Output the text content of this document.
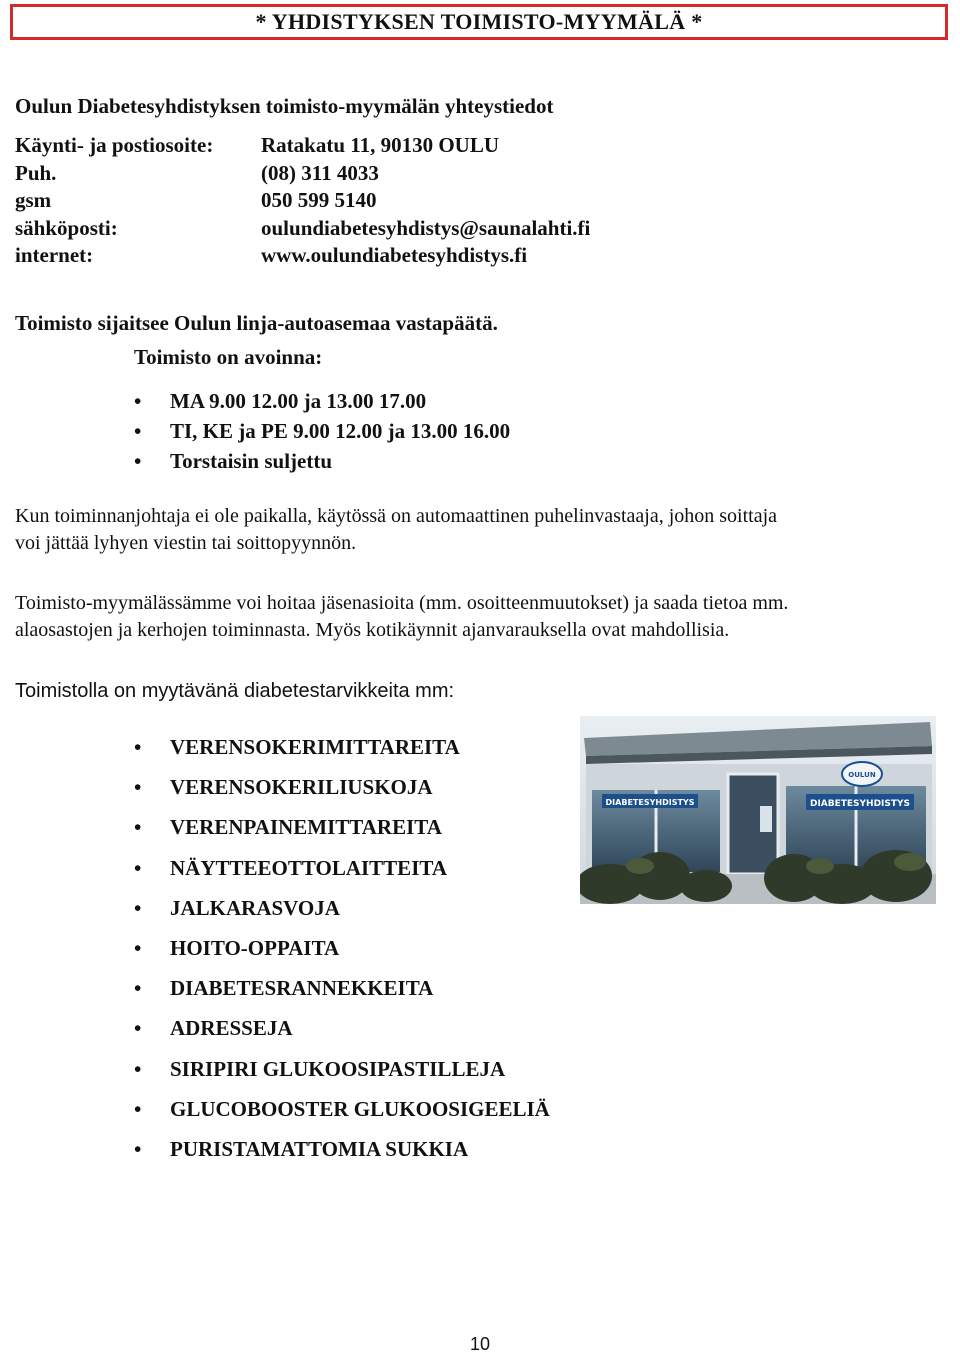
* YHDISTYKSEN TOIMISTO-MYYMÄLÄ *
Oulun Diabetesyhdistyksen toimisto-myymälän yhteystiedot
Käynti- ja postiosoite:	Ratakatu 11, 90130 OULU
Puh.	(08) 311 4033
gsm	050 599 5140
sähköposti:	oulundiabetesyhdistys@saunalahti.fi
internet:	www.oulundiabetesyhdistys.fi
Toimisto sijaitsee Oulun linja-autoasemaa vastapäätä.
Toimisto on avoinna:
•	MA 9.00 12.00 ja 13.00 17.00
•	TI, KE ja PE 9.00 12.00 ja 13.00 16.00
•	Torstaisin suljettu
Kun toiminnanjohtaja ei ole paikalla, käytössä on automaattinen puhelinvastaaja, johon soittaja
voi jättää lyhyen viestin tai soittopyynnön.
Toimisto-myymälässämme voi hoitaa jäsenasioita (mm. osoitteenmuutokset) ja saada tietoa mm.
alaosastojen ja kerhojen toiminnasta. Myös kotikäynnit ajanvarauksella ovat mahdollisia.
Toimistolla on myytävänä diabetestarvikkeita mm:
•	VERENSOKERIMITTAREITA
•	VERENSOKERILIUSKOJA
•	VERENPAINEMITTAREITA
•	NÄYTTEEOTTOLAITTEITA
•	JALKARASVOJA
•	HOITO-OPPAITA
•	DIABETESRANNEKKEITA
•	ADRESSEJA
•	SIRIPIRI GLUKOOSIPASTILLEJA
•	GLUCOBOOSTER GLUKOOSIGEELIÄ
•	PURISTAMATTOMIA SUKKIA
DIABETESYHDISTYS	DIABETESYHDISTYS
OULUN
10
